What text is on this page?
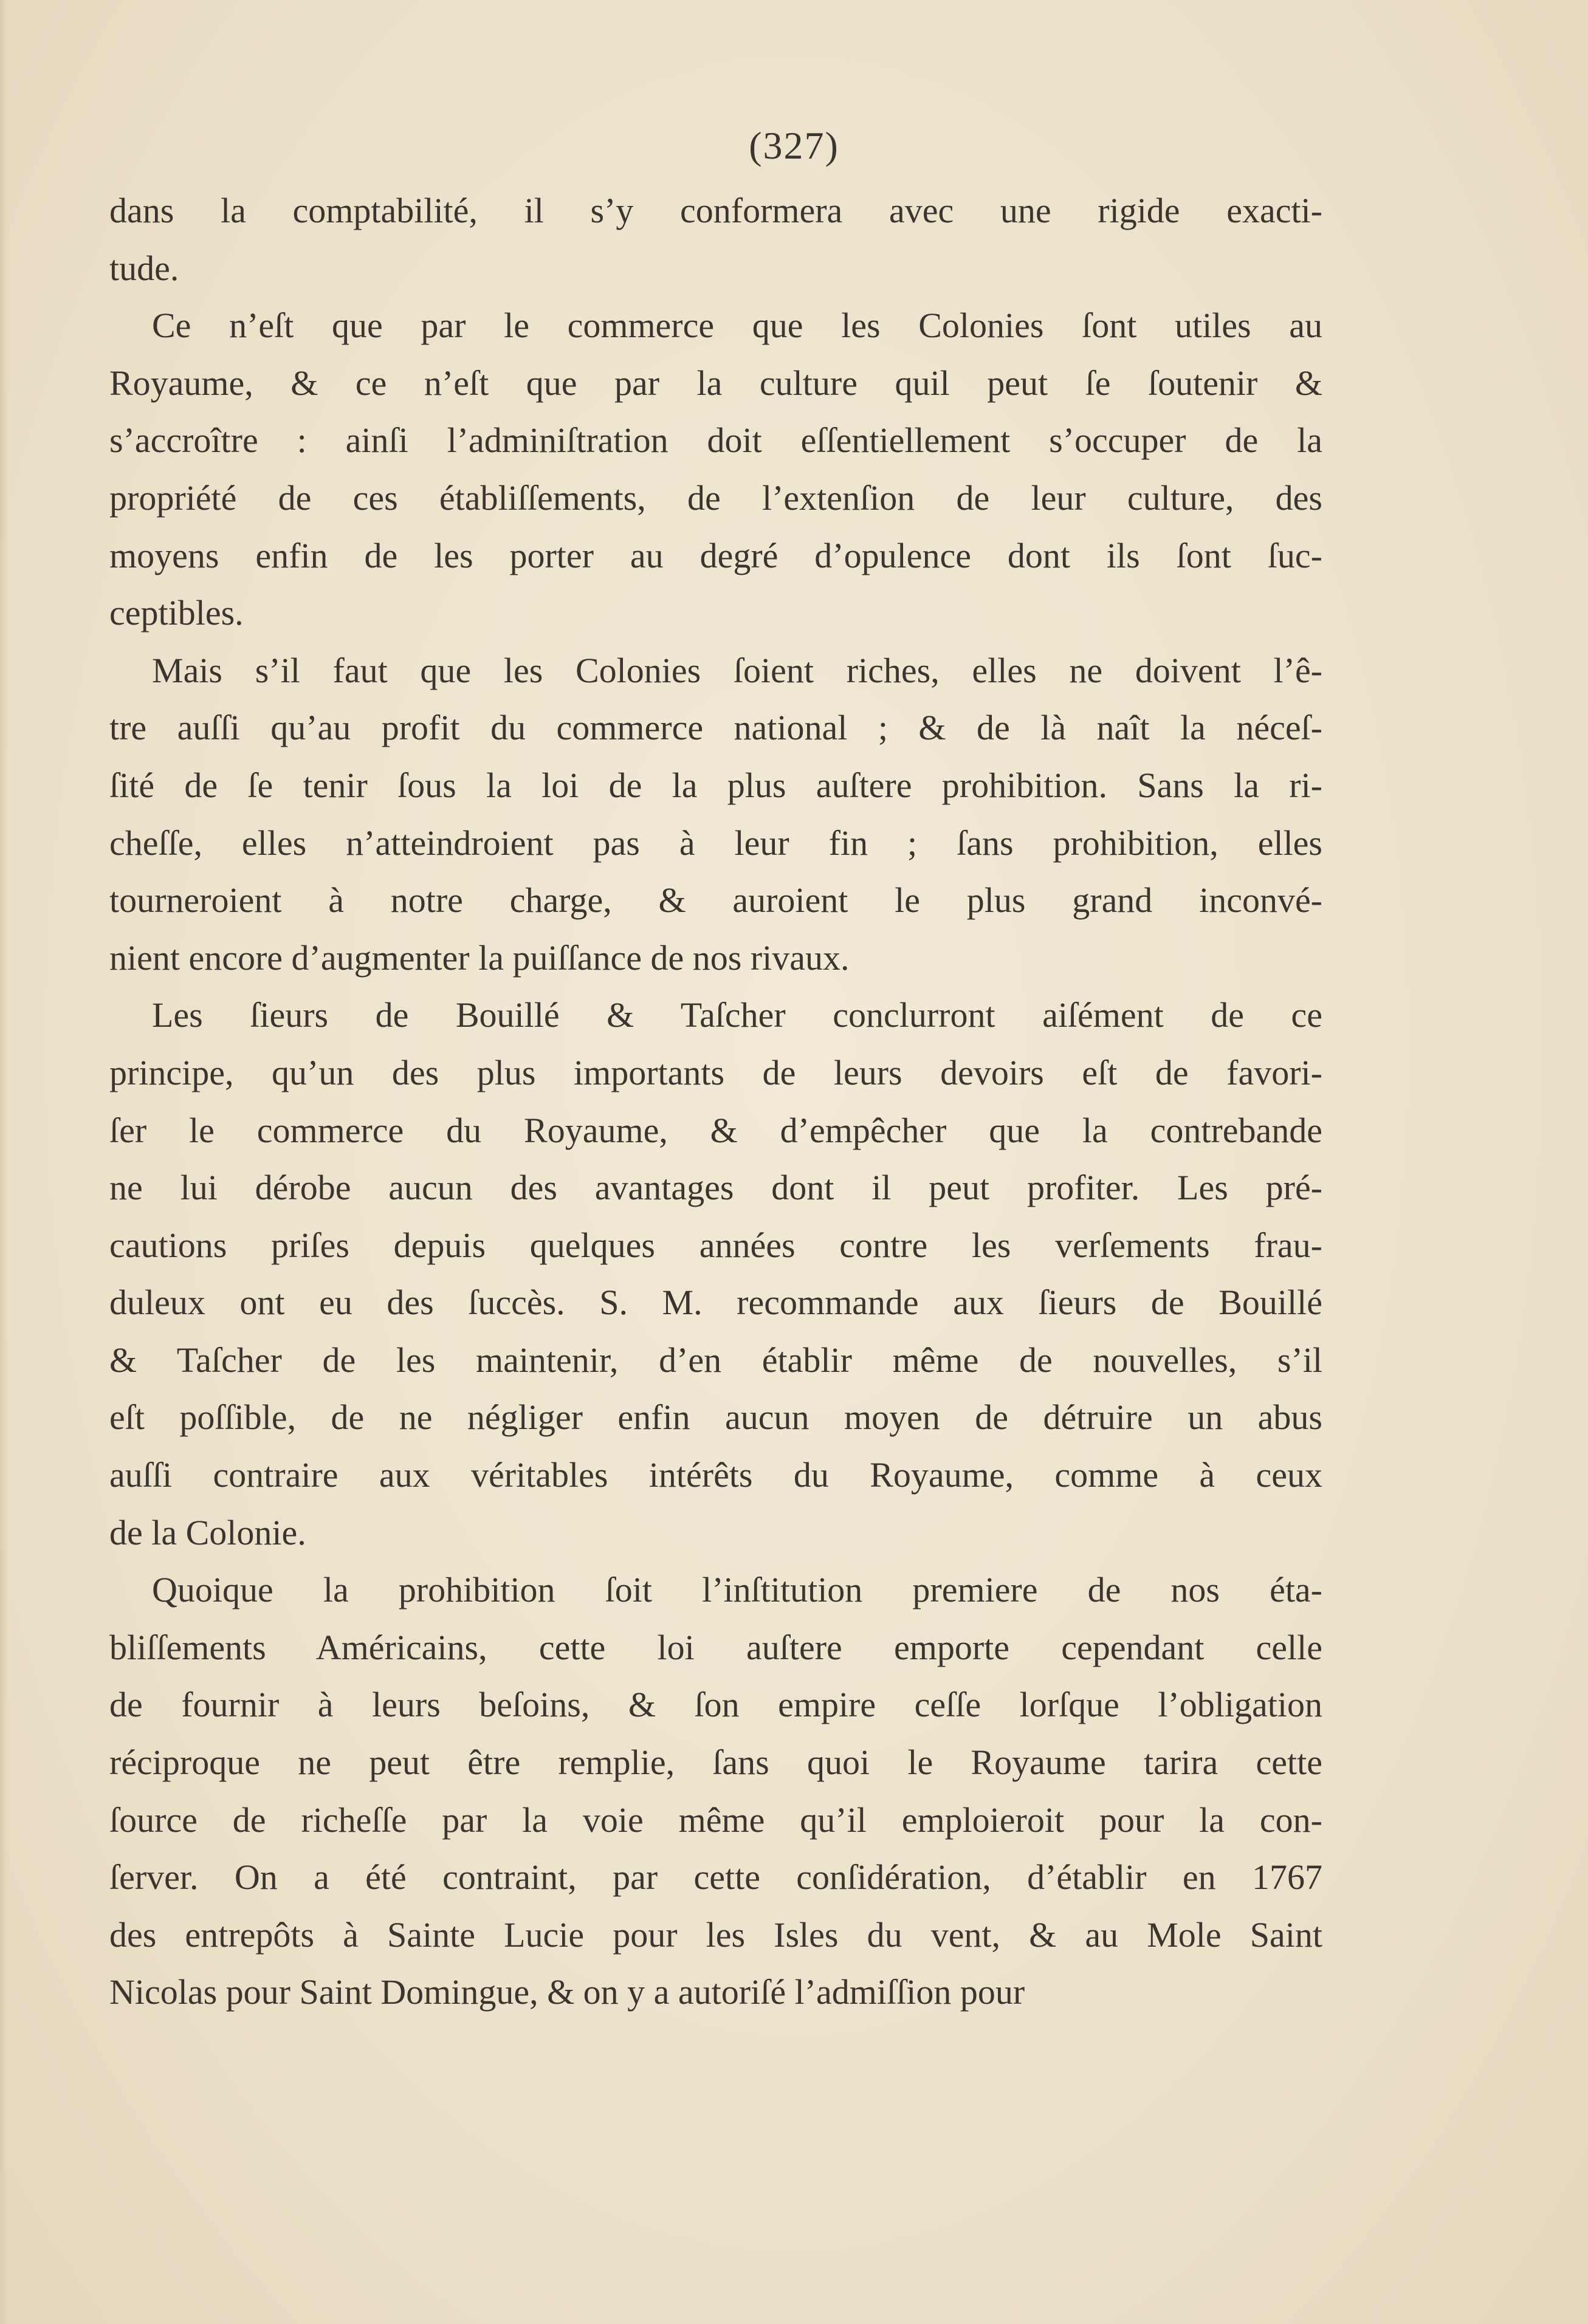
(327)
dans la comptabilité, il s’y conformera avec une rigide exacti-
tude.
Ce n’eſt que par le commerce que les Colonies ſont utiles au
Royaume, & ce n’eſt que par la culture quil peut ſe ſoutenir &
s’accroître : ainſi l’adminiſtration doit eſſentiellement s’occuper de la
propriété de ces établiſſements, de l’extenſion de leur culture, des
moyens enfin de les porter au degré d’opulence dont ils ſont ſuc-
ceptibles.
Mais s’il faut que les Colonies ſoient riches, elles ne doivent l’ê-
tre auſſi qu’au profit du commerce national ; & de là naît la néceſ-
ſité de ſe tenir ſous la loi de la plus auſtere prohibition. Sans la ri-
cheſſe, elles n’atteindroient pas à leur fin ; ſans prohibition, elles
tourneroient à notre charge, & auroient le plus grand inconvé-
nient encore d’augmenter la puiſſance de nos rivaux.
Les ſieurs de Bouillé & Taſcher conclurront aiſément de ce
principe, qu’un des plus importants de leurs devoirs eſt de favori-
ſer le commerce du Royaume, & d’empêcher que la contrebande
ne lui dérobe aucun des avantages dont il peut profiter. Les pré-
cautions priſes depuis quelques années contre les verſements frau-
duleux ont eu des ſuccès. S. M. recommande aux ſieurs de Bouillé
& Taſcher de les maintenir, d’en établir même de nouvelles, s’il
eſt poſſible, de ne négliger enfin aucun moyen de détruire un abus
auſſi contraire aux véritables intérêts du Royaume, comme à ceux
de la Colonie.
Quoique la prohibition ſoit l’inſtitution premiere de nos éta-
bliſſements Américains, cette loi auſtere emporte cependant celle
de fournir à leurs beſoins, & ſon empire ceſſe lorſque l’obligation
réciproque ne peut être remplie, ſans quoi le Royaume tarira cette
ſource de richeſſe par la voie même qu’il emploieroit pour la con-
ſerver. On a été contraint, par cette conſidération, d’établir en 1767
des entrepôts à Sainte Lucie pour les Isles du vent, & au Mole Saint
Nicolas pour Saint Domingue, & on y a autoriſé l’admiſſion pour
